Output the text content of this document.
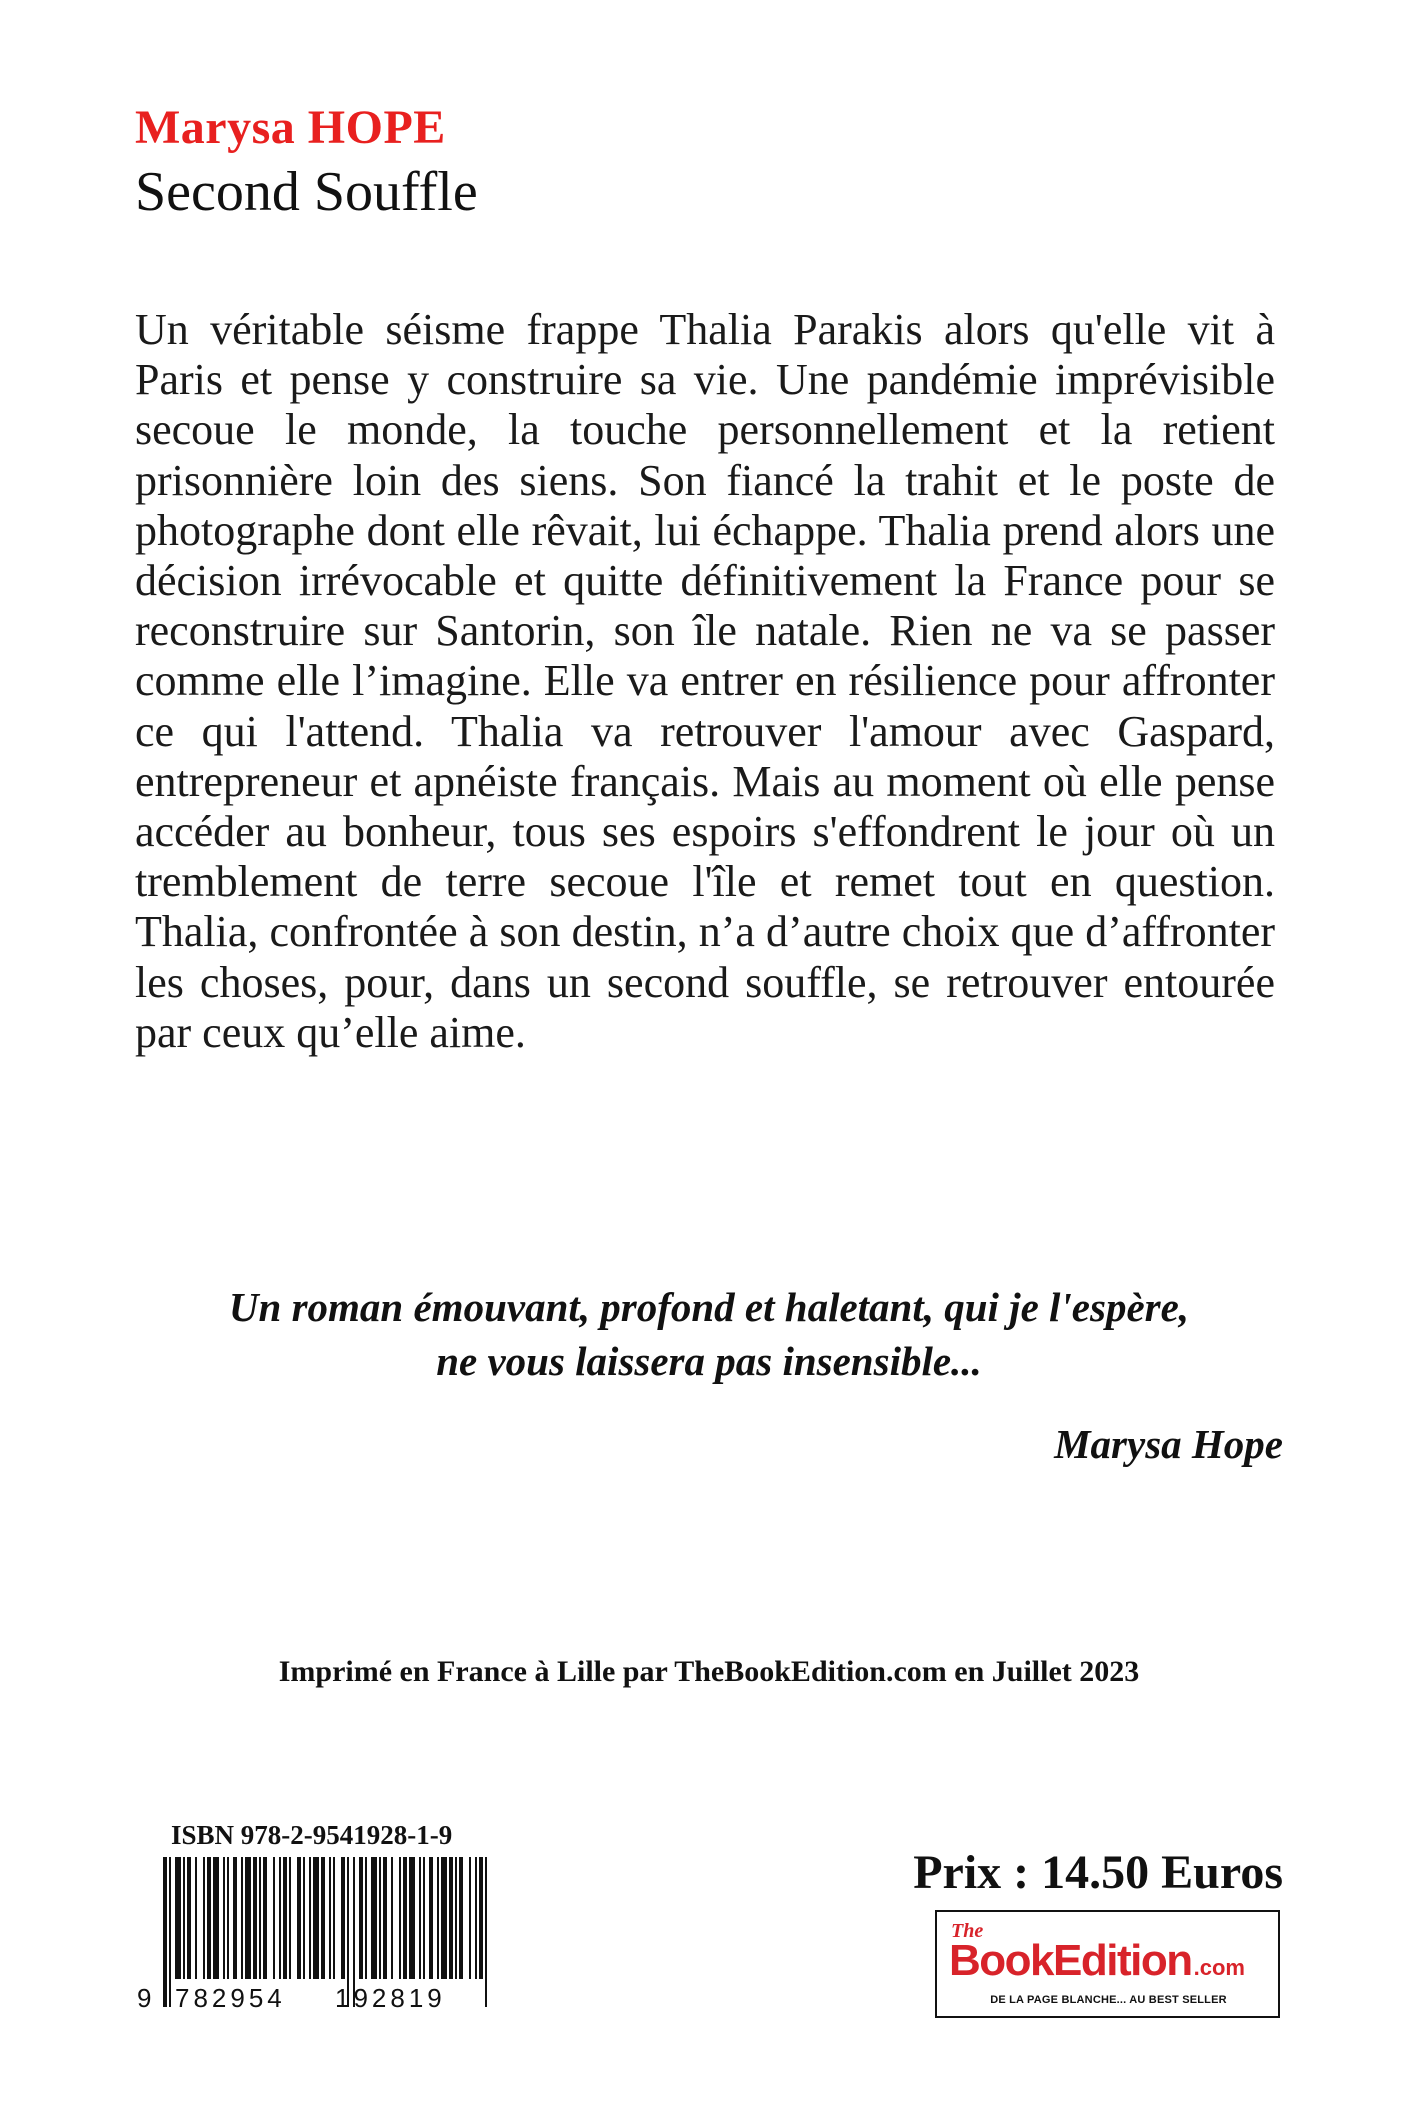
Marysa HOPE
Second Souffle

Un véritable séisme frappe Thalia Parakis alors qu'elle vit à Paris et pense y construire sa vie. Une pandémie imprévisible secoue le monde, la touche personnellement et la retient prisonnière loin des siens. Son fiancé la trahit et le poste de photographe dont elle rêvait, lui échappe. Thalia prend alors une décision irrévocable et quitte définitivement la France pour se reconstruire sur Santorin, son île natale. Rien ne va se passer comme elle l’imagine. Elle va entrer en résilience pour affronter ce qui l'attend. Thalia va retrouver l'amour avec Gaspard, entrepreneur et apnéiste français. Mais au moment où elle pense accéder au bonheur, tous ses espoirs s'effondrent le jour où un tremblement de terre secoue l'île et remet tout en question. Thalia, confrontée à son destin, n’a d’autre choix que d’affronter les choses, pour, dans un second souffle, se retrouver entourée par ceux qu’elle aime.

Un roman émouvant, profond et haletant, qui je l'espère,
ne vous laissera pas insensible...
Marysa Hope
Imprimé en France à Lille par TheBookEdition.com en Juillet 2023
ISBN 978-2-9541928-1-9
9 782954 192819
Prix : 14.50 Euros
The
BookEdition.com
DE LA PAGE BLANCHE... AU BEST SELLER
